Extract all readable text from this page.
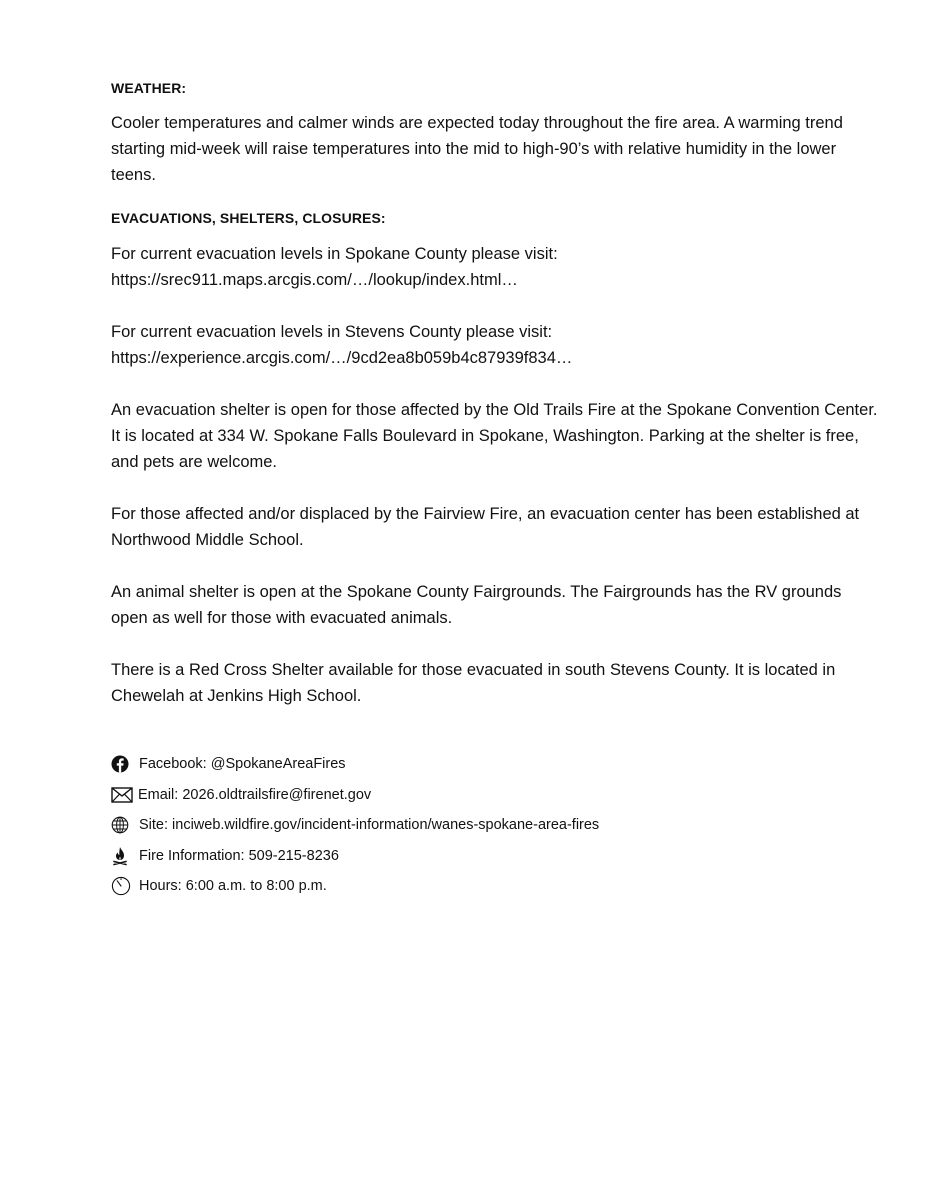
WEATHER:

Cooler temperatures and calmer winds are expected today throughout the fire area. A warming trend starting mid-week will raise temperatures into the mid to high-90’s with relative humidity in the lower teens.

EVACUATIONS, SHELTERS, CLOSURES:

For current evacuation levels in Spokane County please visit:

https://srec911.maps.arcgis.com/…/lookup/index.html…

For current evacuation levels in Stevens County please visit:

https://experience.arcgis.com/…/9cd2ea8b059b4c87939f834…

An evacuation shelter is open for those affected by the Old Trails Fire at the Spokane Convention Center. It is located at 334 W. Spokane Falls Boulevard in Spokane, Washington. Parking at the shelter is free, and pets are welcome.

For those affected and/or displaced by the Fairview Fire, an evacuation center has been established at Northwood Middle School.

An animal shelter is open at the Spokane County Fairgrounds. The Fairgrounds has the RV grounds open as well for those with evacuated animals.

There is a Red Cross Shelter available for those evacuated in south Stevens County. It is located in Chewelah at Jenkins High School.

Facebook: @SpokaneAreaFires
Email: 2026.oldtrailsfire@firenet.gov
Site: inciweb.wildfire.gov/incident-information/wanes-spokane-area-fires
Fire Information: 509-215-8236
Hours: 6:00 a.m. to 8:00 p.m.
